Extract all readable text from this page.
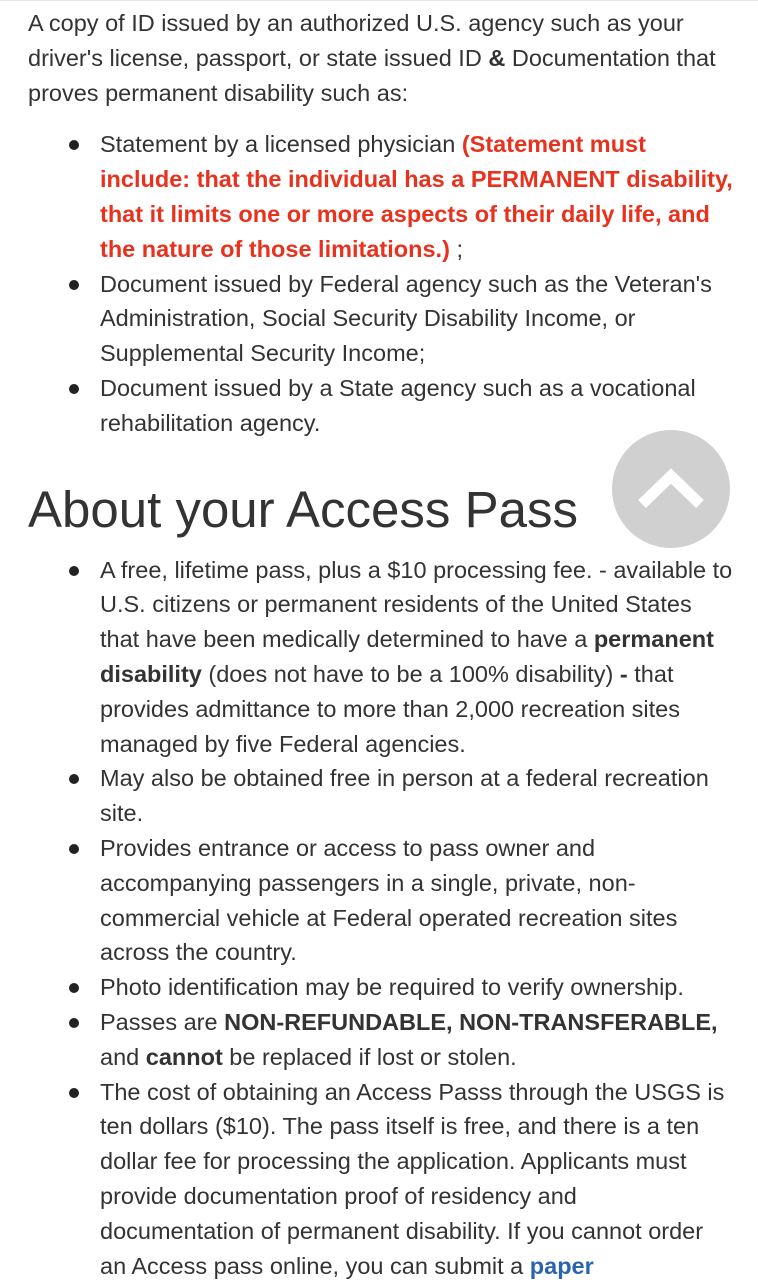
A copy of ID issued by an authorized U.S. agency such as your driver's license, passport, or state issued ID & Documentation that proves permanent disability such as:

Statement by a licensed physician (Statement must include: that the individual has a PERMANENT disability, that it limits one or more aspects of their daily life, and the nature of those limitations.) ;
Document issued by Federal agency such as the Veteran's Administration, Social Security Disability Income, or Supplemental Security Income;
Document issued by a State agency such as a vocational rehabilitation agency.
About your Access Pass
A free, lifetime pass, plus a $10 processing fee. - available to U.S. citizens or permanent residents of the United States that have been medically determined to have a permanent disability (does not have to be a 100% disability) - that provides admittance to more than 2,000 recreation sites managed by five Federal agencies.
May also be obtained free in person at a federal recreation site.
Provides entrance or access to pass owner and accompanying passengers in a single, private, non-commercial vehicle at Federal operated recreation sites across the country.
Photo identification may be required to verify ownership.
Passes are NON-REFUNDABLE, NON-TRANSFERABLE, and cannot be replaced if lost or stolen.
The cost of obtaining an Access Passs through the USGS is ten dollars ($10). The pass itself is free, and there is a ten dollar fee for processing the application. Applicants must provide documentation proof of residency and documentation of permanent disability. If you cannot order an Access pass online, you can submit a paper
